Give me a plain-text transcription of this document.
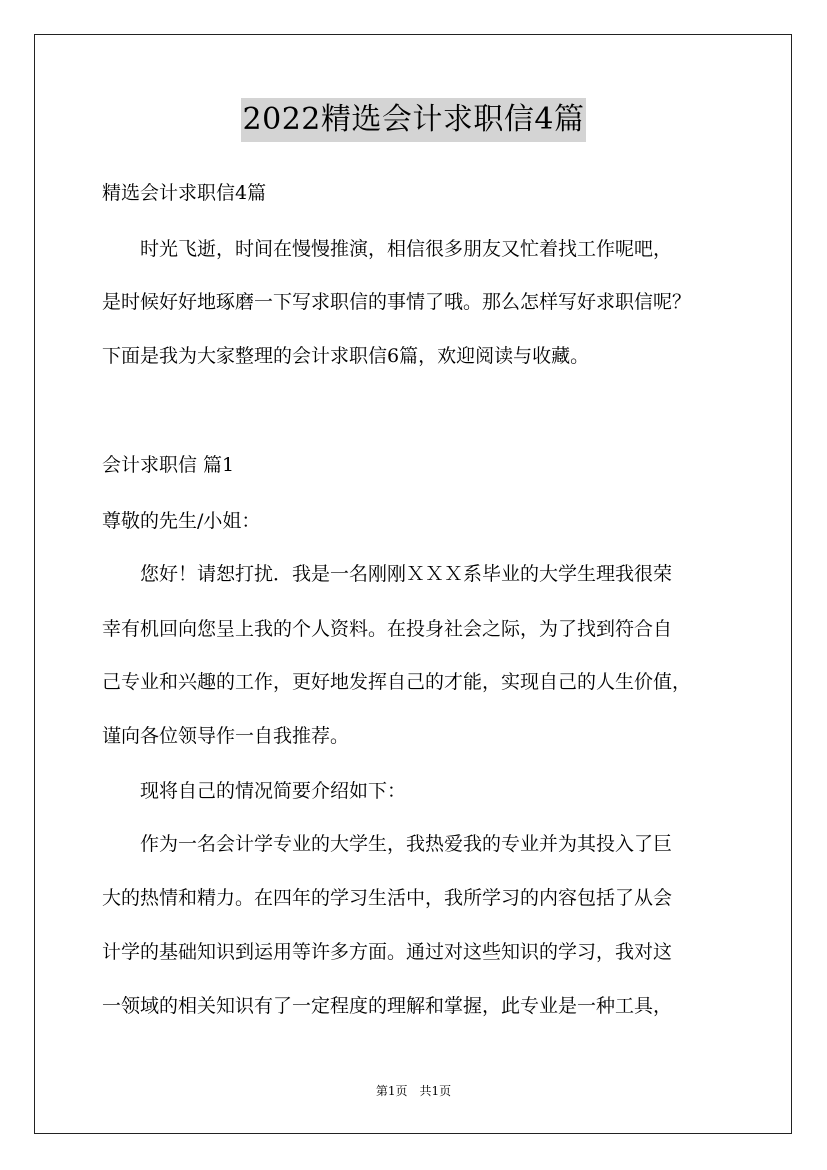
2022精选会计求职信4篇
精选会计求职信4篇
　　时光飞逝，时间在慢慢推演，相信很多朋友又忙着找工作呢吧，
是时候好好地琢磨一下写求职信的事情了哦。那么怎样写好求职信呢？
下面是我为大家整理的会计求职信6篇，欢迎阅读与收藏。
会计求职信 篇1
尊敬的先生/小姐：
　　您好！请恕打扰．我是一名刚刚ＸＸＸ系毕业的大学生理我很荣
幸有机回向您呈上我的个人资料。在投身社会之际，为了找到符合自
己专业和兴趣的工作，更好地发挥自己的才能，实现自己的人生价值，
谨向各位领导作一自我推荐。
　　现将自己的情况简要介绍如下：
　　作为一名会计学专业的大学生，我热爱我的专业并为其投入了巨
大的热情和精力。在四年的学习生活中，我所学习的内容包括了从会
计学的基础知识到运用等许多方面。通过对这些知识的学习，我对这
一领域的相关知识有了一定程度的理解和掌握，此专业是一种工具，
第1页　共1页
